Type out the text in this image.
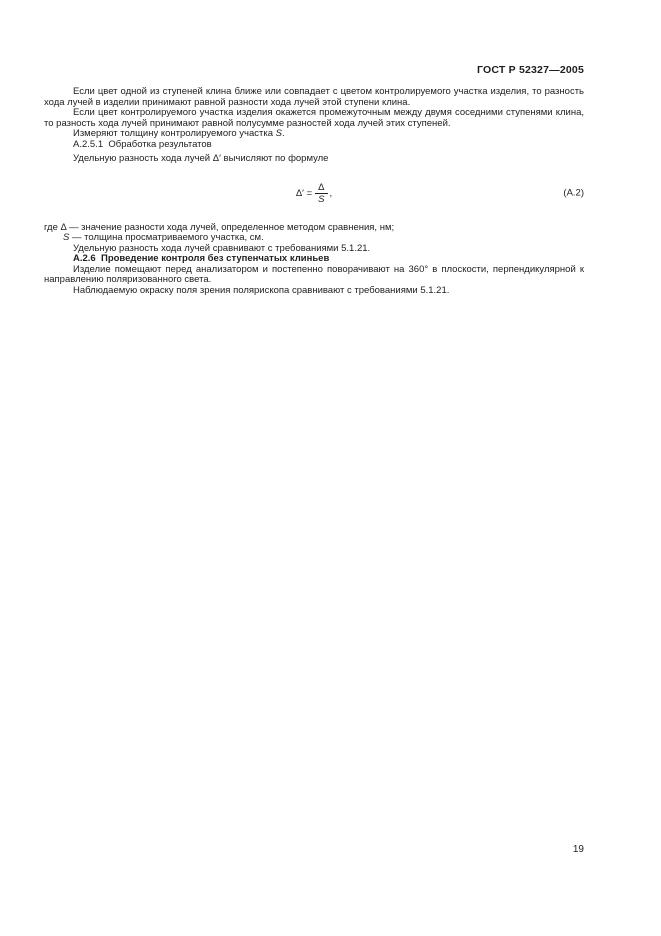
ГОСТ Р 52327—2005

Если цвет одной из ступеней клина ближе или совпадает с цветом контролируемого участка изделия, то разность хода лучей в изделии принимают равной разности хода лучей этой ступени клина.

Если цвет контролируемого участка изделия окажется промежуточным между двумя соседними ступенями клина, то разность хода лучей принимают равной полусумме разностей хода лучей этих ступеней.

Измеряют толщину контролируемого участка S.

А.2.5.1  Обработка результатов

Удельную разность хода лучей Δ′ вычисляют по формуле

$\Delta' = \frac{\Delta}{S}$ ,	(А.2)

где Δ — значение разности хода лучей, определенное методом сравнения, нм;

S — толщина просматриваемого участка, см.

Удельную разность хода лучей сравнивают с требованиями 5.1.21.

А.2.6  Проведение контроля без ступенчатых клиньев

Изделие помещают перед анализатором и постепенно поворачивают на 360° в плоскости, перпендикулярной к направлению поляризованного света.

Наблюдаемую окраску поля зрения полярископа сравнивают с требованиями 5.1.21.

19
